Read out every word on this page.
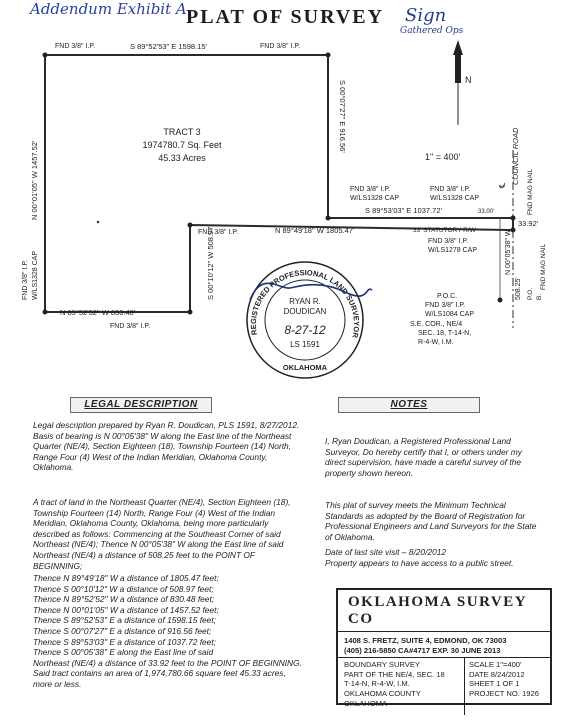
Addendum Exhibit A PLAT OF SURVEY Sign
Gathered Ops
FND 3/8" I.P.	FND 3/8" I.P.
S 89°52'53" E 1598.15'
TRACT 3
1974780.7 Sq. Feet
45.33 Acres
N
1" = 400'
N 00°01'05" W 1457.52'
S 00°07'27" E 916.56'
FND 3/8" I.P.
W/LS1328 CAP
FND 3/8" I.P.
W/LS1328 CAP
S 89°53'03" E 1037.72'	33.00'
℄
COUNCIL ROAD
FND MAG NAIL
FND 3/8" I.P.	N 89°49'18" W 1805.47'	33' STATUTORY R/W
33.92'
FND 3/8" I.P.
W/LS1278 CAP
S 00°10'12" W 508.97'
FND 3/8" I.P. W/LS1328 CAP
N 89°52'52" W 830.48'
FND 3/8" I.P.
N 00°05'38" W
508.25' P.O. B.
FND MAG NAIL
P.O.C.
FND 3/8" I.P.
W/LS1084 CAP
S.E. COR., NE/4
SEC. 18, T-14-N,
R-4-W, I.M.
REGISTERED PROFESSIONAL LAND SURVEYOR
RYAN R.
DOUDICAN
8-27-12
LS 1591
OKLAHOMA
LEGAL DESCRIPTION	NOTES
Legal description prepared by Ryan R. Doudican, PLS 1591, 8/27/2012. Basis of bearing is N 00°05'38" W along the East line of the Northeast Quarter (NE/4), Section Eighteen (18), Township Fourteen (14) North, Range Four (4) West of the Indian Meridian, Oklahoma County, Oklahoma.
A tract of land in the Northeast Quarter (NE/4), Section Eighteen (18), Township Fourteen (14) North, Range Four (4) West of the Indian Meridian, Oklahoma County, Oklahoma, being more particularly described as follows: Commencing at the Southeast Corner of said Northeast (NE/4); Thence N 00°05'38" W along the East line of said Northeast (NE/4) a distance of 508.25 feet to the POINT OF BEGINNING;
Thence N 89°49'18" W a distance of 1805.47 feet;
Thence S 00°10'12" W a distance of 508.97 feet;
Thence N 89°52'52" W a distance of 830.48 feet;
Thence N 00°01'05" W a distance of 1457.52 feet;
Thence S 89°52'53" E a distance of 1598.15 feet;
Thence S 00°07'27" E a distance of 916.56 feet;
Thence S 89°53'03" E a distance of 1037.72 feet;
Thence S 00°05'38" E along the East line of said
Northeast (NE/4) a distance of 33.92 feet to the POINT OF BEGINNING. Said tract contains an area of 1,974,780.66 square feet 45.33 acres, more or less.
I, Ryan Doudican, a Registered Professional Land Surveyor, Do hereby certify that I, or others under my direct supervision, have made a careful survey of the property shown hereon.
This plat of survey meets the Minimum Technical Standards as adopted by the Board of Registration for Professional Engineers and Land Surveyors for the State of Oklahoma.
Date of last site visit – 8/20/2012
Property appears to have access to a public street.
OKLAHOMA SURVEY CO
1408 S. FRETZ, SUITE 4, EDMOND, OK 73003
(405) 216-5850 CA#4717 EXP. 30 JUNE 2013
BOUNDARY SURVEY
PART OF THE NE/4, SEC. 18
T-14-N, R-4-W, I.M.
OKLAHOMA COUNTY
OKLAHOMA
SCALE 1"=400'
DATE 8/24/2012
SHEET 1 OF 1
PROJECT NO. 1926
